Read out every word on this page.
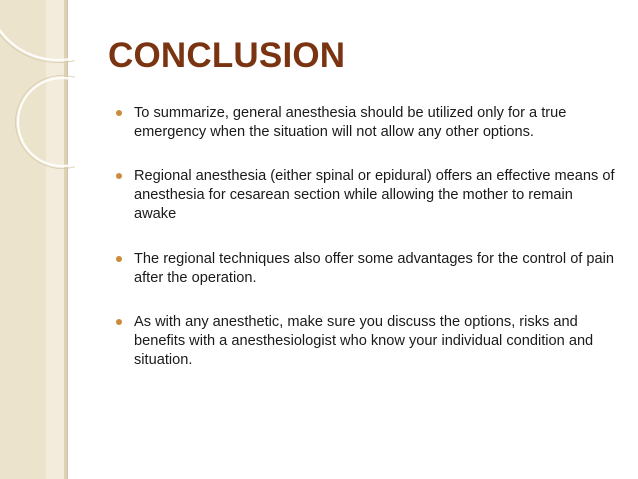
CONCLUSION
To summarize, general anesthesia should be utilized only for a true emergency when the situation will not allow any other options.
Regional anesthesia (either spinal or epidural) offers an effective means of anesthesia for cesarean section while allowing the mother to remain awake
The regional techniques also offer some advantages for the control of pain after the operation.
As with any anesthetic, make sure you discuss the options, risks and benefits with a anesthesiologist who know your individual condition and situation.
